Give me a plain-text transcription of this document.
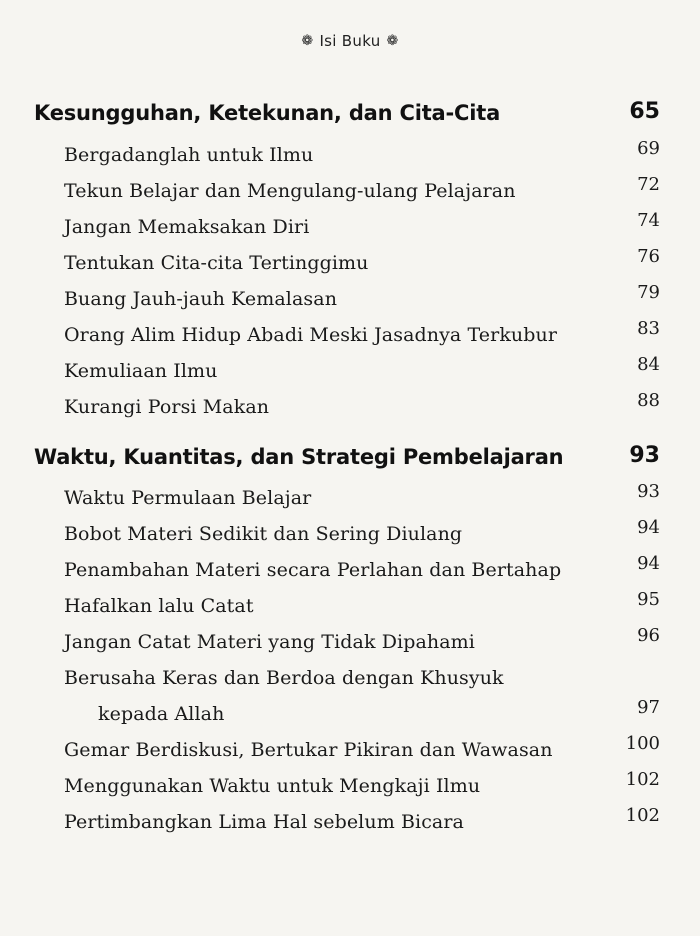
❁ Isi Buku ❁
Kesungguhan, Ketekunan, dan Cita-Cita	65
Bergadanglah untuk Ilmu	69
Tekun Belajar dan Mengulang-ulang Pelajaran	72
Jangan Memaksakan Diri	74
Tentukan Cita-cita Tertinggimu	76
Buang Jauh-jauh Kemalasan	79
Orang Alim Hidup Abadi Meski Jasadnya Terkubur	83
Kemuliaan Ilmu	84
Kurangi Porsi Makan	88
Waktu, Kuantitas, dan Strategi Pembelajaran	93
Waktu Permulaan Belajar	93
Bobot Materi Sedikit dan Sering Diulang	94
Penambahan Materi secara Perlahan dan Bertahap	94
Hafalkan lalu Catat	95
Jangan Catat Materi yang Tidak Dipahami	96
Berusaha Keras dan Berdoa dengan Khusyuk
kepada Allah	97
Gemar Berdiskusi, Bertukar Pikiran dan Wawasan	100
Menggunakan Waktu untuk Mengkaji Ilmu	102
Pertimbangkan Lima Hal sebelum Bicara	102
